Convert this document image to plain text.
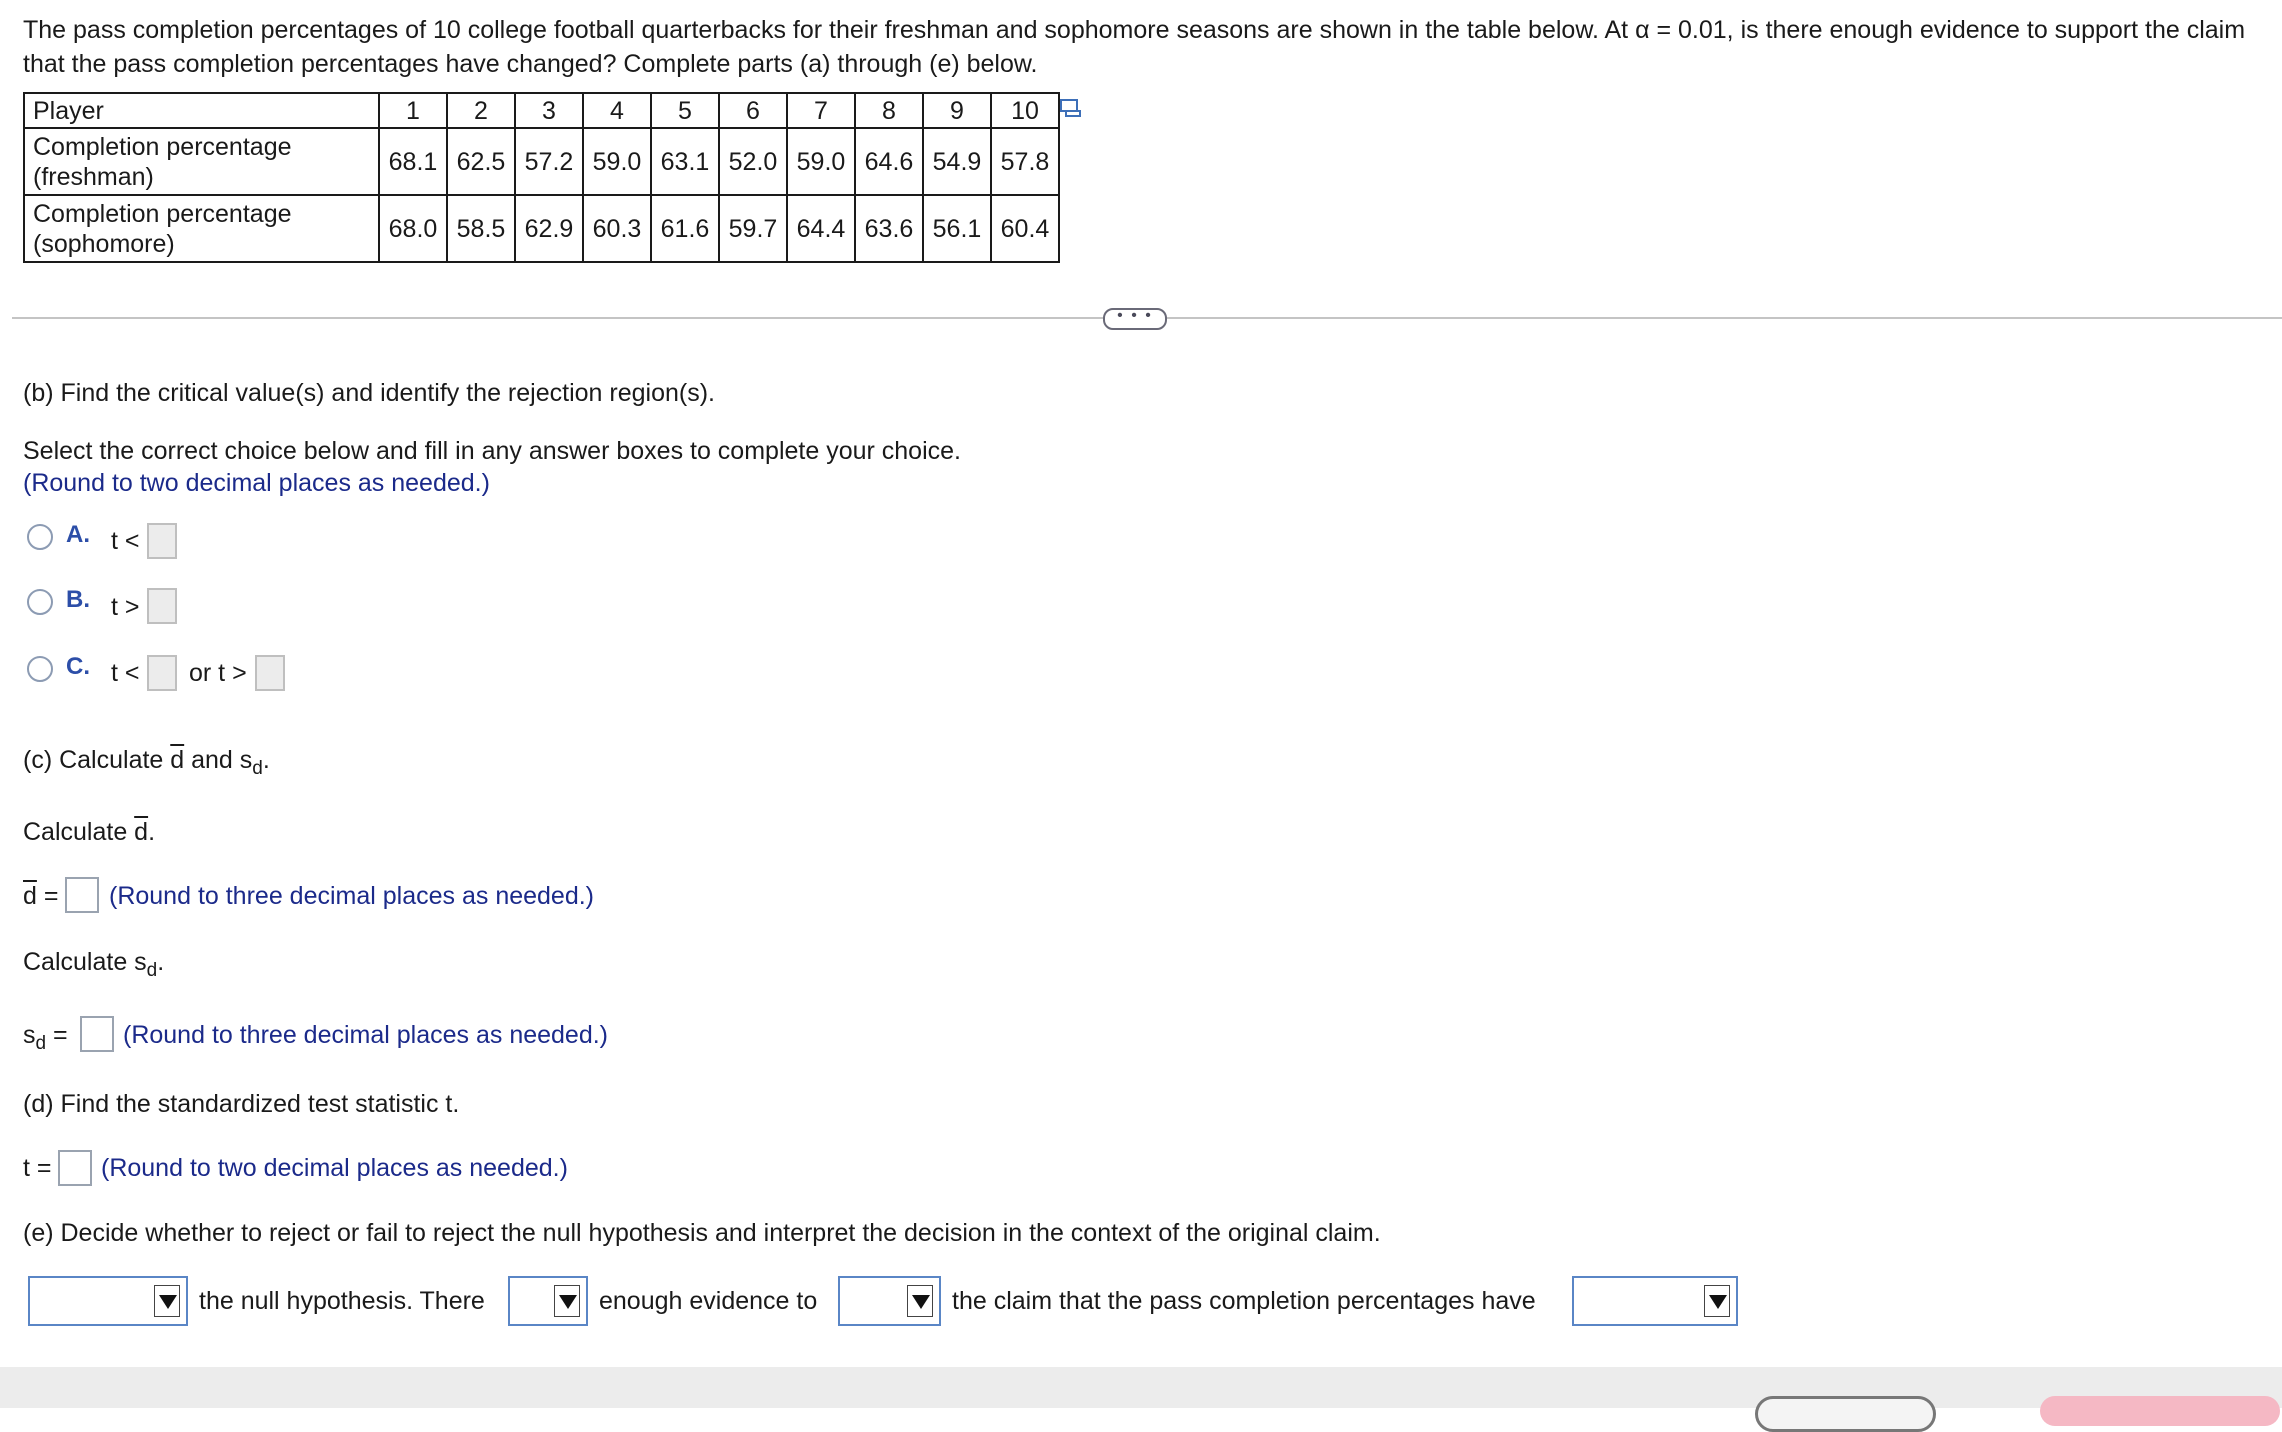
The pass completion percentages of 10 college football quarterbacks for their freshman and sophomore seasons are shown in the table below. At α = 0.01, is there enough evidence to support the claim that the pass completion percentages have changed? Complete parts (a) through (e) below.
Player	1	2	3	4	5	6	7	8	9	10

Completion percentage
(freshman)	68.1	62.5	57.2	59.0	63.1	52.0	59.0	64.6	54.9	57.8

Completion percentage
(sophomore)	68.0	58.5	62.9	60.3	61.6	59.7	64.4	63.6	56.1	60.4
• • •
(b) Find the critical value(s) and identify the rejection region(s).
Select the correct choice below and fill in any answer boxes to complete your choice.
(Round to two decimal places as needed.)
A. t <
B. t >
C. t < or t >
(c) Calculate $\overline{d}$ and $s_d$.
Calculate $\overline{d}$.
$\overline{d}$ = (Round to three decimal places as needed.)
Calculate $s_d$.
$s_d$ = (Round to three decimal places as needed.)
(d) Find the standardized test statistic t.
t = (Round to two decimal places as needed.)
(e) Decide whether to reject or fail to reject the null hypothesis and interpret the decision in the context of the original claim.
the null hypothesis. There	enough evidence to	the claim that the pass completion percentages have
